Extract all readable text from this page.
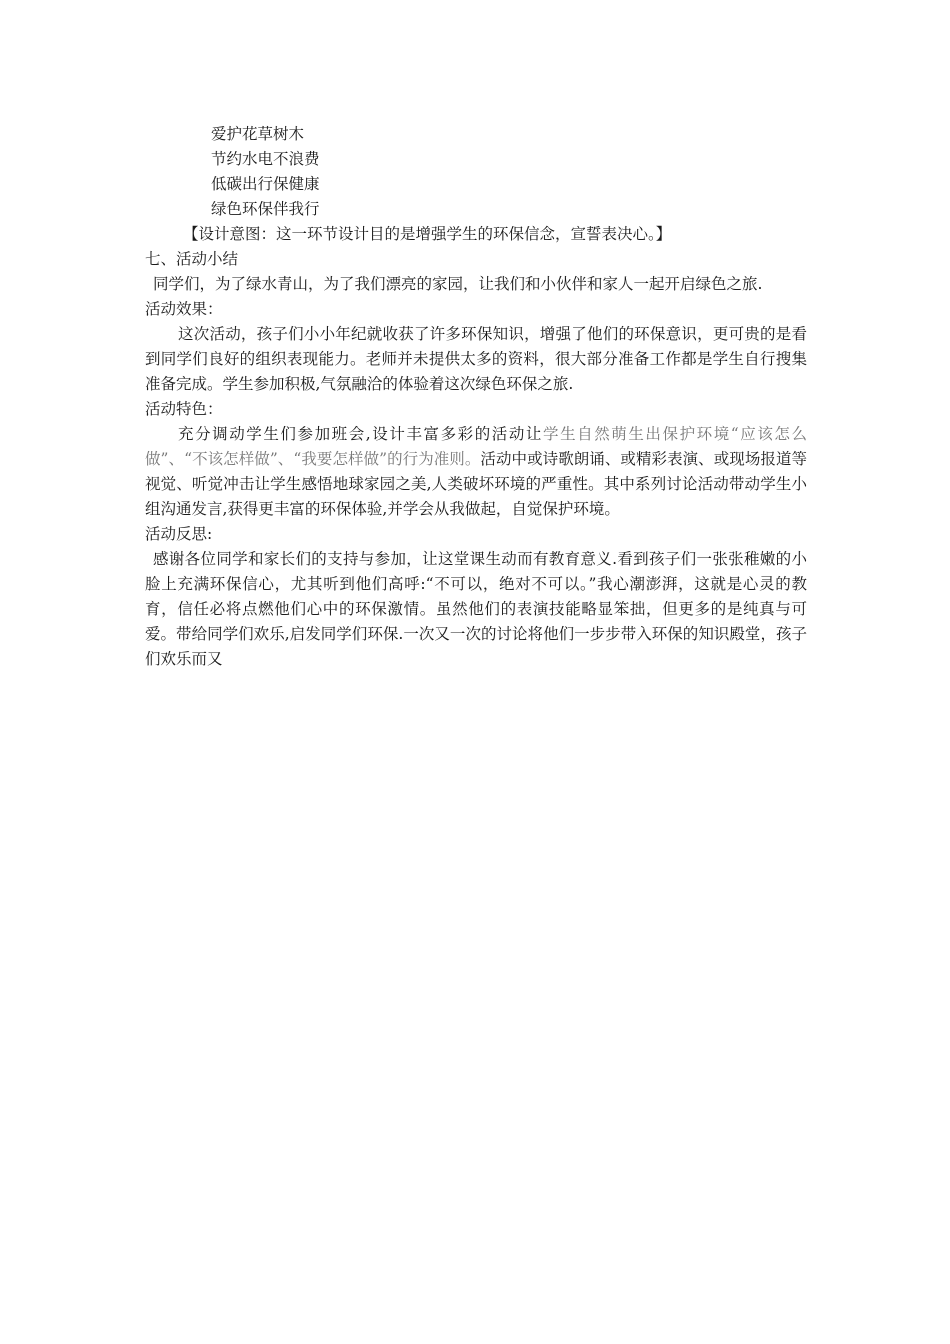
爱护花草树木
节约水电不浪费
低碳出行保健康
绿色环保伴我行
【设计意图：这一环节设计目的是增强学生的环保信念，宣誓表决心。】
七、活动小结
同学们，为了绿水青山，为了我们漂亮的家园，让我们和小伙伴和家人一起开启绿色之旅.
活动效果：
这次活动，孩子们小小年纪就收获了许多环保知识，增强了他们的环保意识，更可贵的是看到同学们良好的组织表现能力。老师并未提供太多的资料，很大部分准备工作都是学生自行搜集准备完成。学生参加积极,气氛融洽的体验着这次绿色环保之旅.
活动特色：
充分调动学生们参加班会,设计丰富多彩的活动让学生自然萌生出保护环境“应该怎么做”、“不该怎样做”、“我要怎样做”的行为准则。活动中或诗歌朗诵、或精彩表演、或现场报道等视觉、听觉冲击让学生感悟地球家园之美,人类破坏环境的严重性。其中系列讨论活动带动学生小组沟通发言,获得更丰富的环保体验,并学会从我做起，自觉保护环境。
活动反思:
感谢各位同学和家长们的支持与参加，让这堂课生动而有教育意义.看到孩子们一张张稚嫩的小脸上充满环保信心，尤其听到他们高呼:“不可以，绝对不可以。”我心潮澎湃，这就是心灵的教育，信任必将点燃他们心中的环保激情。虽然他们的表演技能略显笨拙，但更多的是纯真与可爱。带给同学们欢乐,启发同学们环保.一次又一次的讨论将他们一步步带入环保的知识殿堂，孩子们欢乐而又
